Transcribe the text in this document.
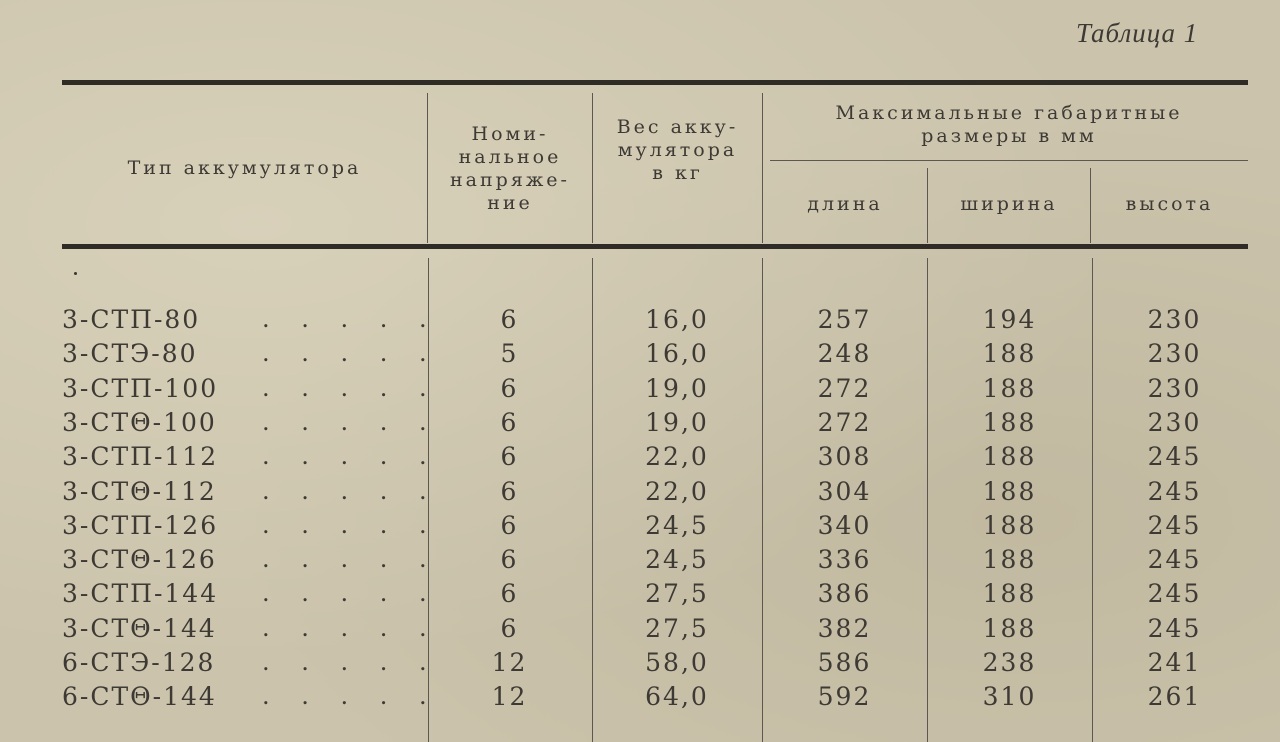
Таблица 1
Тип аккумулятора
Номи-
нальное
напряже-
ние
Вес акку-
мулятора
в кг
Максимальные габаритные
размеры в мм
длина	ширина	высота
3-СТП-80	. . . . .	6	16,0	257	194	230
3-СТЭ-80	. . . . .	5	16,0	248	188	230
3-СТП-100 . . . . .	6	19,0	272	188	230
3-СТΘ-100 . . . . .	6	19,0	272	188	230
3-СТП-112 . . . . .	6	22,0	308	188	245
3-СТΘ-112 . . . . .	6	22,0	304	188	245
3-СТП-126 . . . . .	6	24,5	340	188	245
3-СТΘ-126 . . . . .	6	24,5	336	188	245
3-СТП-144 . . . . .	6	27,5	386	188	245
3-СТΘ-144 . . . . .	6	27,5	382	188	245
6-СТЭ-128 . . . . .	12	58,0	586	238	241
6-СТΘ-144 . . . . .	12	64,0	592	310	261
